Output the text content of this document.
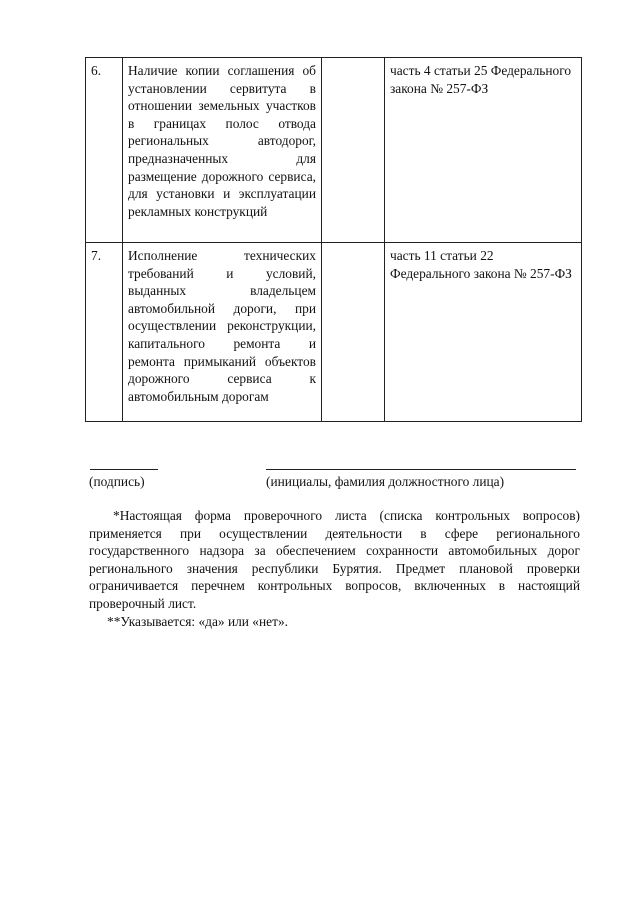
6.	Наличие копии соглашения об установлении сервитута в отношении земельных участков в границах полос отвода региональных автодорог, предназначенных для размещение дорожного сервиса, для установки и эксплуатации рекламных конструкций		часть 4 статьи 25 Федерального закона № 257-ФЗ
7.	Исполнение технических требований и условий, выданных владельцем автомобильной дороги, при осуществлении реконструкции, капитального ремонта и ремонта примыканий объектов дорожного сервиса к автомобильным дорогам		часть 11 статьи 22 Федерального закона № 257-ФЗ
(подпись)	(инициалы, фамилия должностного лица)

*Настоящая форма проверочного листа (списка контрольных вопросов) применяется при осуществлении деятельности в сфере регионального государственного надзора за обеспечением сохранности автомобильных дорог регионального значения республики Бурятия. Предмет плановой проверки ограничивается перечнем контрольных вопросов, включенных в настоящий проверочный лист.

**Указывается: «да» или «нет».
